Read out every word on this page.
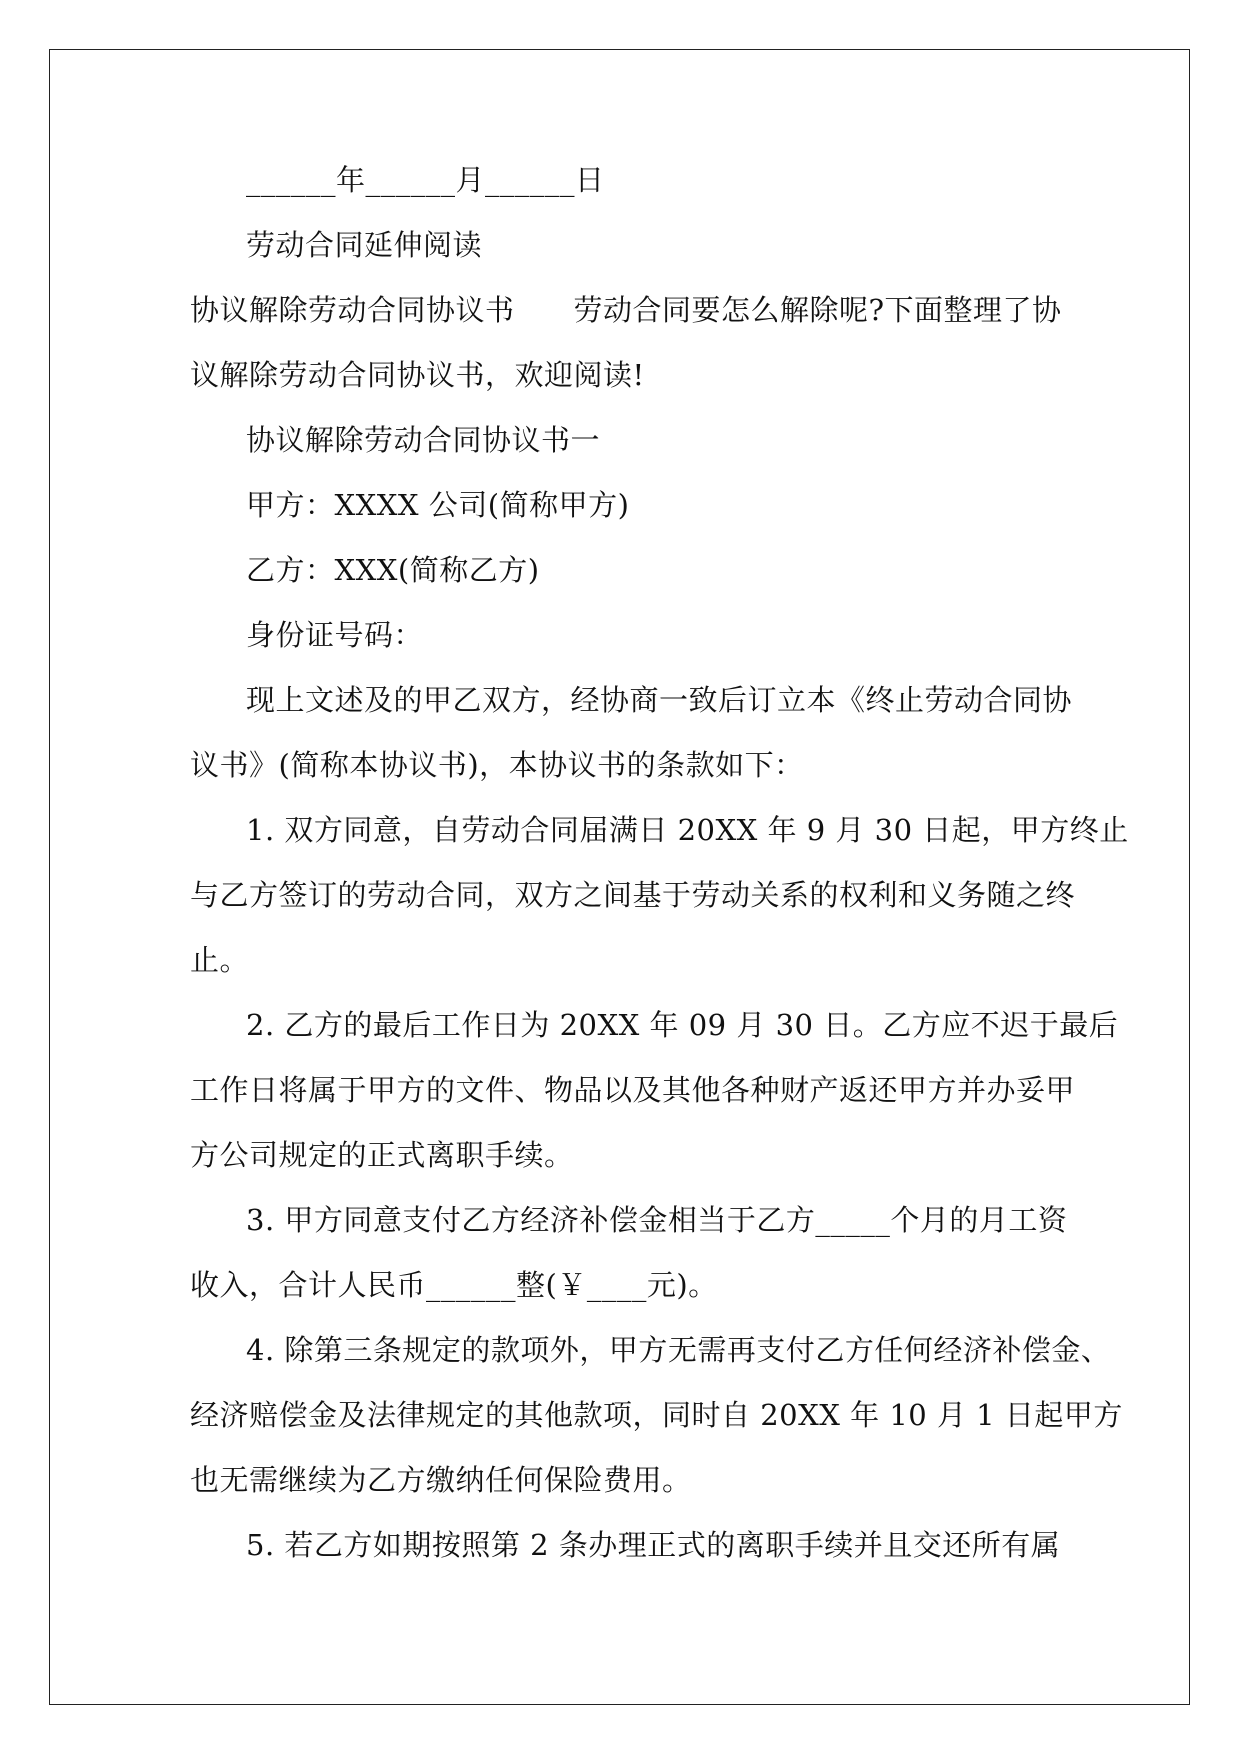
______年______月______日
劳动合同延伸阅读
协议解除劳动合同协议书　　劳动合同要怎么解除呢?下面整理了协
议解除劳动合同协议书，欢迎阅读!
协议解除劳动合同协议书一
甲方：XXXX 公司(简称甲方)
乙方：XXX(简称乙方)
身份证号码：
现上文述及的甲乙双方，经协商一致后订立本《终止劳动合同协
议书》(简称本协议书)，本协议书的条款如下：
1. 双方同意，自劳动合同届满日 20XX 年 9 月 30 日起，甲方终止
与乙方签订的劳动合同，双方之间基于劳动关系的权利和义务随之终
止。
2. 乙方的最后工作日为 20XX 年 09 月 30 日。乙方应不迟于最后
工作日将属于甲方的文件、物品以及其他各种财产返还甲方并办妥甲
方公司规定的正式离职手续。
3. 甲方同意支付乙方经济补偿金相当于乙方_____个月的月工资
收入，合计人民币______整(￥____元)。
4. 除第三条规定的款项外，甲方无需再支付乙方任何经济补偿金、
经济赔偿金及法律规定的其他款项，同时自 20XX 年 10 月 1 日起甲方
也无需继续为乙方缴纳任何保险费用。
5. 若乙方如期按照第 2 条办理正式的离职手续并且交还所有属
